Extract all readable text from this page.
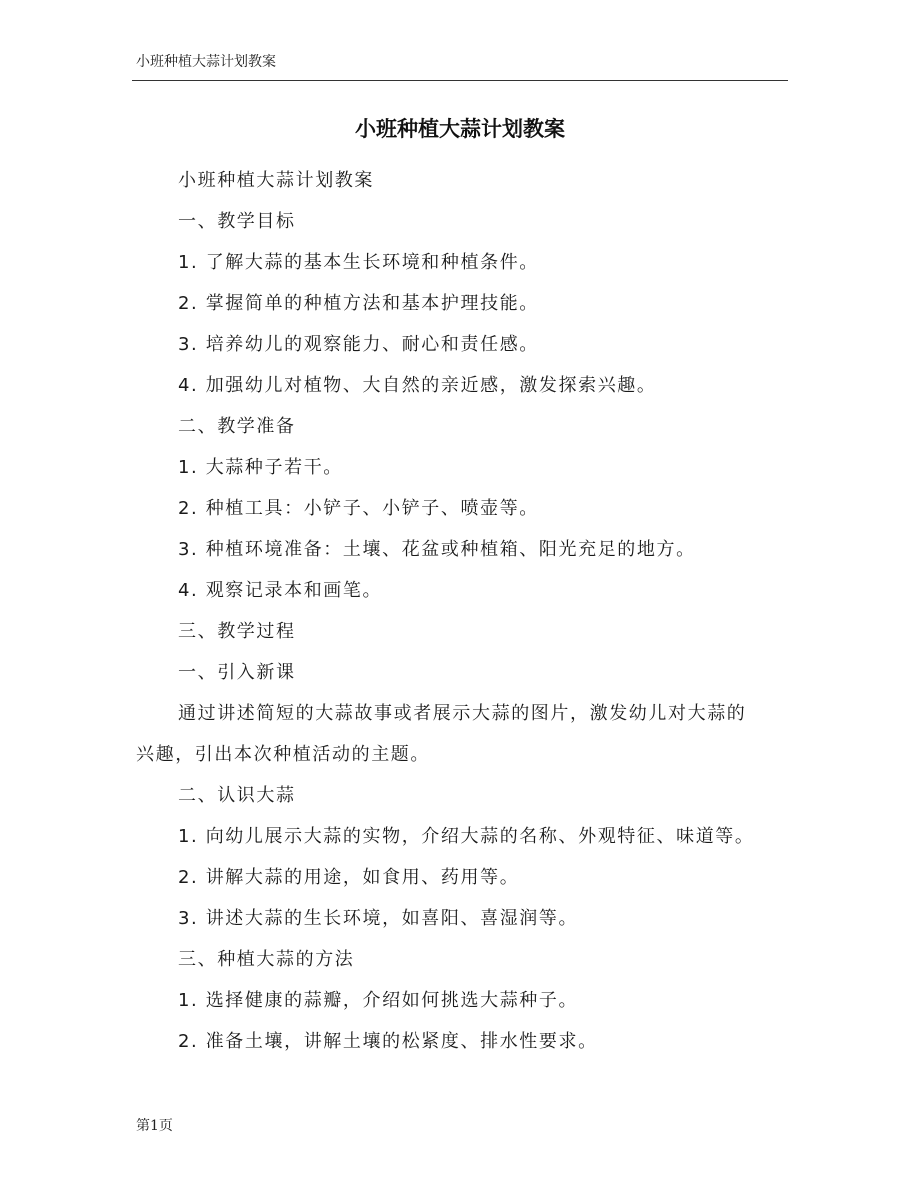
小班种植大蒜计划教案
小班种植大蒜计划教案
小班种植大蒜计划教案
一、教学目标
1. 了解大蒜的基本生长环境和种植条件。
2. 掌握简单的种植方法和基本护理技能。
3. 培养幼儿的观察能力、耐心和责任感。
4. 加强幼儿对植物、大自然的亲近感，激发探索兴趣。
二、教学准备
1. 大蒜种子若干。
2. 种植工具：小铲子、小铲子、喷壶等。
3. 种植环境准备：土壤、花盆或种植箱、阳光充足的地方。
4. 观察记录本和画笔。
三、教学过程
一、引入新课
通过讲述简短的大蒜故事或者展示大蒜的图片，激发幼儿对大蒜的
兴趣，引出本次种植活动的主题。
二、认识大蒜
1. 向幼儿展示大蒜的实物，介绍大蒜的名称、外观特征、味道等。
2. 讲解大蒜的用途，如食用、药用等。
3. 讲述大蒜的生长环境，如喜阳、喜湿润等。
三、种植大蒜的方法
1. 选择健康的蒜瓣，介绍如何挑选大蒜种子。
2. 准备土壤，讲解土壤的松紧度、排水性要求。
第1页
